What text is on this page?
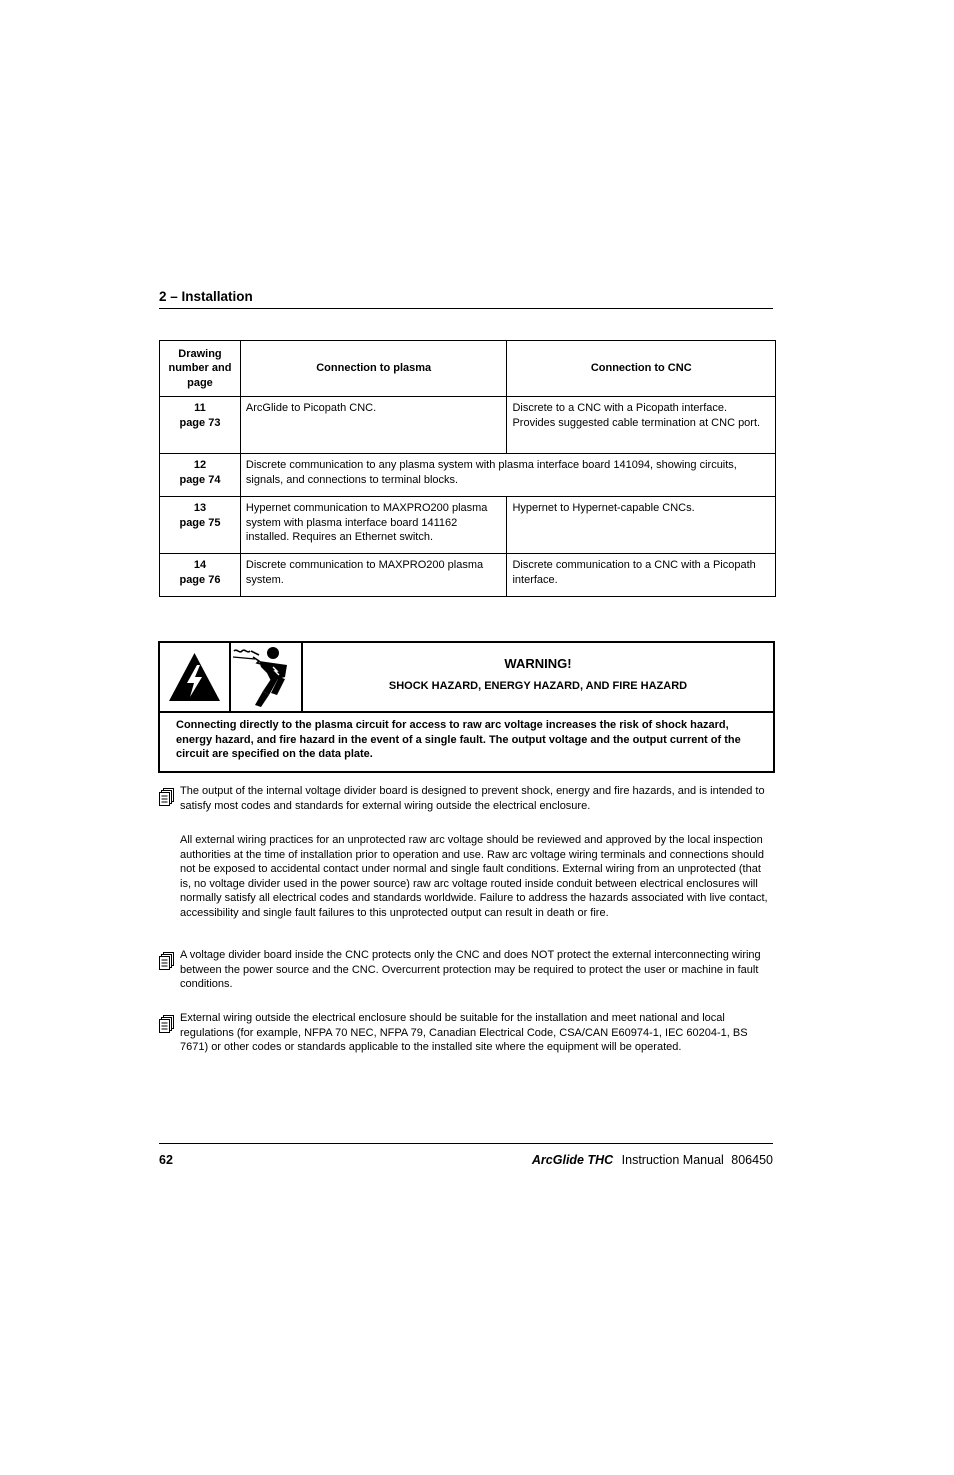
2 – Installation
Drawing number and page	Connection to plasma	Connection to CNC
11
page 73	ArcGlide to Picopath CNC.	Discrete to a CNC with a Picopath interface. Provides suggested cable termination at CNC port.
12
page 74	Discrete communication to any plasma system with plasma interface board 141094, showing circuits, signals, and connections to terminal blocks.	
13
page 75	Hypernet communication to MAXPRO200 plasma system with plasma interface board 141162 installed. Requires an Ethernet switch.	Hypernet to Hypernet-capable CNCs.
14
page 76	Discrete communication to MAXPRO200 plasma system.	Discrete communication to a CNC with a Picopath interface.
WARNING!
SHOCK HAZARD, ENERGY HAZARD, AND FIRE HAZARD
Connecting directly to the plasma circuit for access to raw arc voltage increases the risk of shock hazard, energy hazard, and fire hazard in the event of a single fault. The output voltage and the output current of the circuit are specified on the data plate.
The output of the internal voltage divider board is designed to prevent shock, energy and fire hazards, and is intended to satisfy most codes and standards for external wiring outside the electrical enclosure.
All external wiring practices for an unprotected raw arc voltage should be reviewed and approved by the local inspection authorities at the time of installation prior to operation and use. Raw arc voltage wiring terminals and connections should not be exposed to accidental contact under normal and single fault conditions. External wiring from an unprotected (that is, no voltage divider used in the power source) raw arc voltage routed inside conduit between electrical enclosures will normally satisfy all electrical codes and standards worldwide. Failure to address the hazards associated with live contact, accessibility and single fault failures to this unprotected output can result in death or fire.
A voltage divider board inside the CNC protects only the CNC and does NOT protect the external interconnecting wiring between the power source and the CNC. Overcurrent protection may be required to protect the user or machine in fault conditions.
External wiring outside the electrical enclosure should be suitable for the installation and meet national and local regulations (for example, NFPA 70 NEC, NFPA 79, Canadian Electrical Code, CSA/CAN E60974-1, IEC 60204-1, BS 7671) or other codes or standards applicable to the installed site where the equipment will be operated.
62	ArcGlide THC Instruction Manual 806450
